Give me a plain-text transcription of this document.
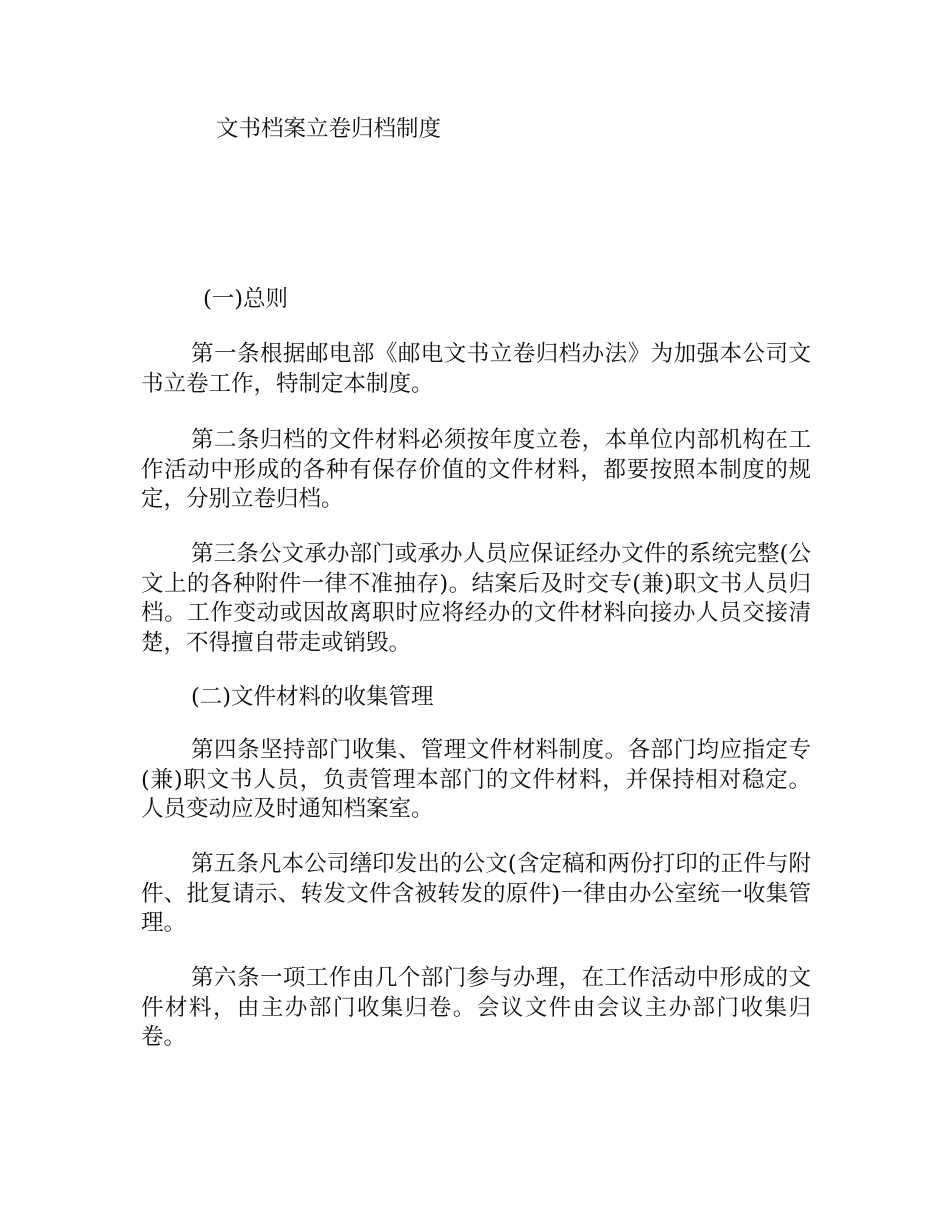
文书档案立卷归档制度
(一)总则

第一条根据邮电部《邮电文书立卷归档办法》为加强本公司文书立卷工作，特制定本制度。

第二条归档的文件材料必须按年度立卷，本单位内部机构在工作活动中形成的各种有保存价值的文件材料，都要按照本制度的规定，分别立卷归档。

第三条公文承办部门或承办人员应保证经办文件的系统完整(公文上的各种附件一律不准抽存)。结案后及时交专(兼)职文书人员归档。工作变动或因故离职时应将经办的文件材料向接办人员交接清楚，不得擅自带走或销毁。

(二)文件材料的收集管理

第四条坚持部门收集、管理文件材料制度。各部门均应指定专(兼)职文书人员，负责管理本部门的文件材料，并保持相对稳定。人员变动应及时通知档案室。

第五条凡本公司缮印发出的公文(含定稿和两份打印的正件与附件、批复请示、转发文件含被转发的原件)一律由办公室统一收集管理。

第六条一项工作由几个部门参与办理，在工作活动中形成的文件材料，由主办部门收集归卷。会议文件由会议主办部门收集归卷。
